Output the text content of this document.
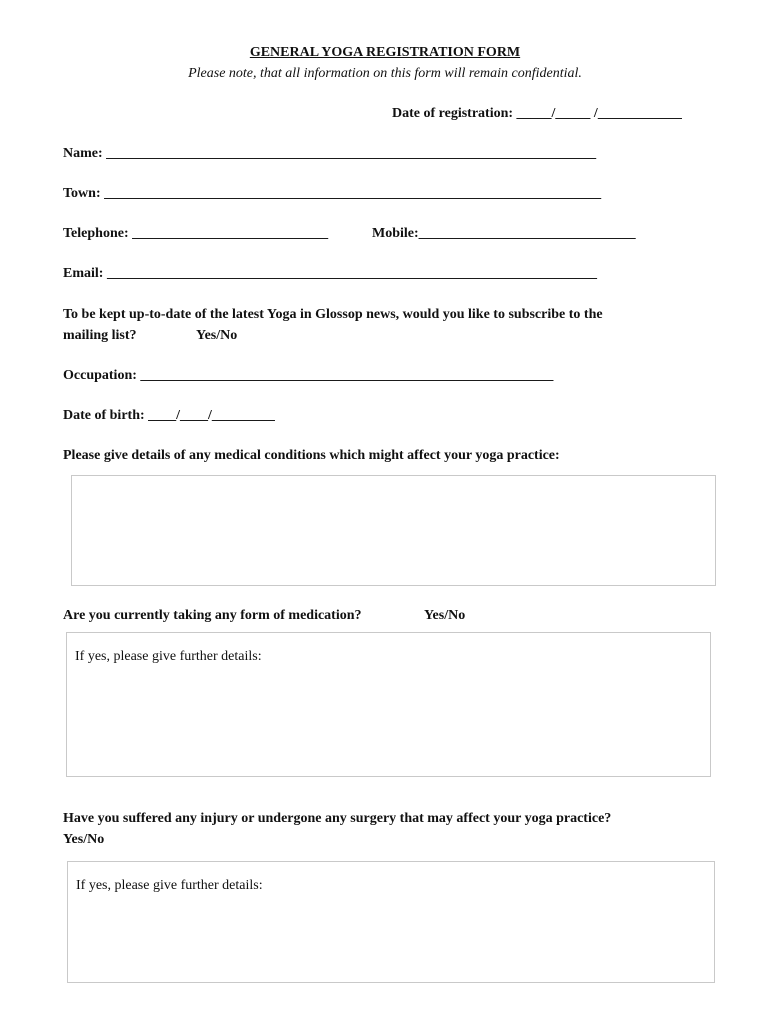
GENERAL YOGA REGISTRATION FORM
Please note, that all information on this form will remain confidential.
Date of registration: _____/_____ /____________
Name: ______________________________________________________________________
Town: _______________________________________________________________________
Telephone: ____________________________	Mobile:_______________________________
Email: ______________________________________________________________________
To be kept up-to-date of the latest Yoga in Glossop news, would you like to subscribe to the
mailing list?	Yes/No
Occupation: ___________________________________________________________
Date of birth: ____/____/_________
Please give details of any medical conditions which might affect your yoga practice:
Are you currently taking any form of medication?	Yes/No
If yes, please give further details:
Have you suffered any injury or undergone any surgery that may affect your yoga practice?
Yes/No
If yes, please give further details:
